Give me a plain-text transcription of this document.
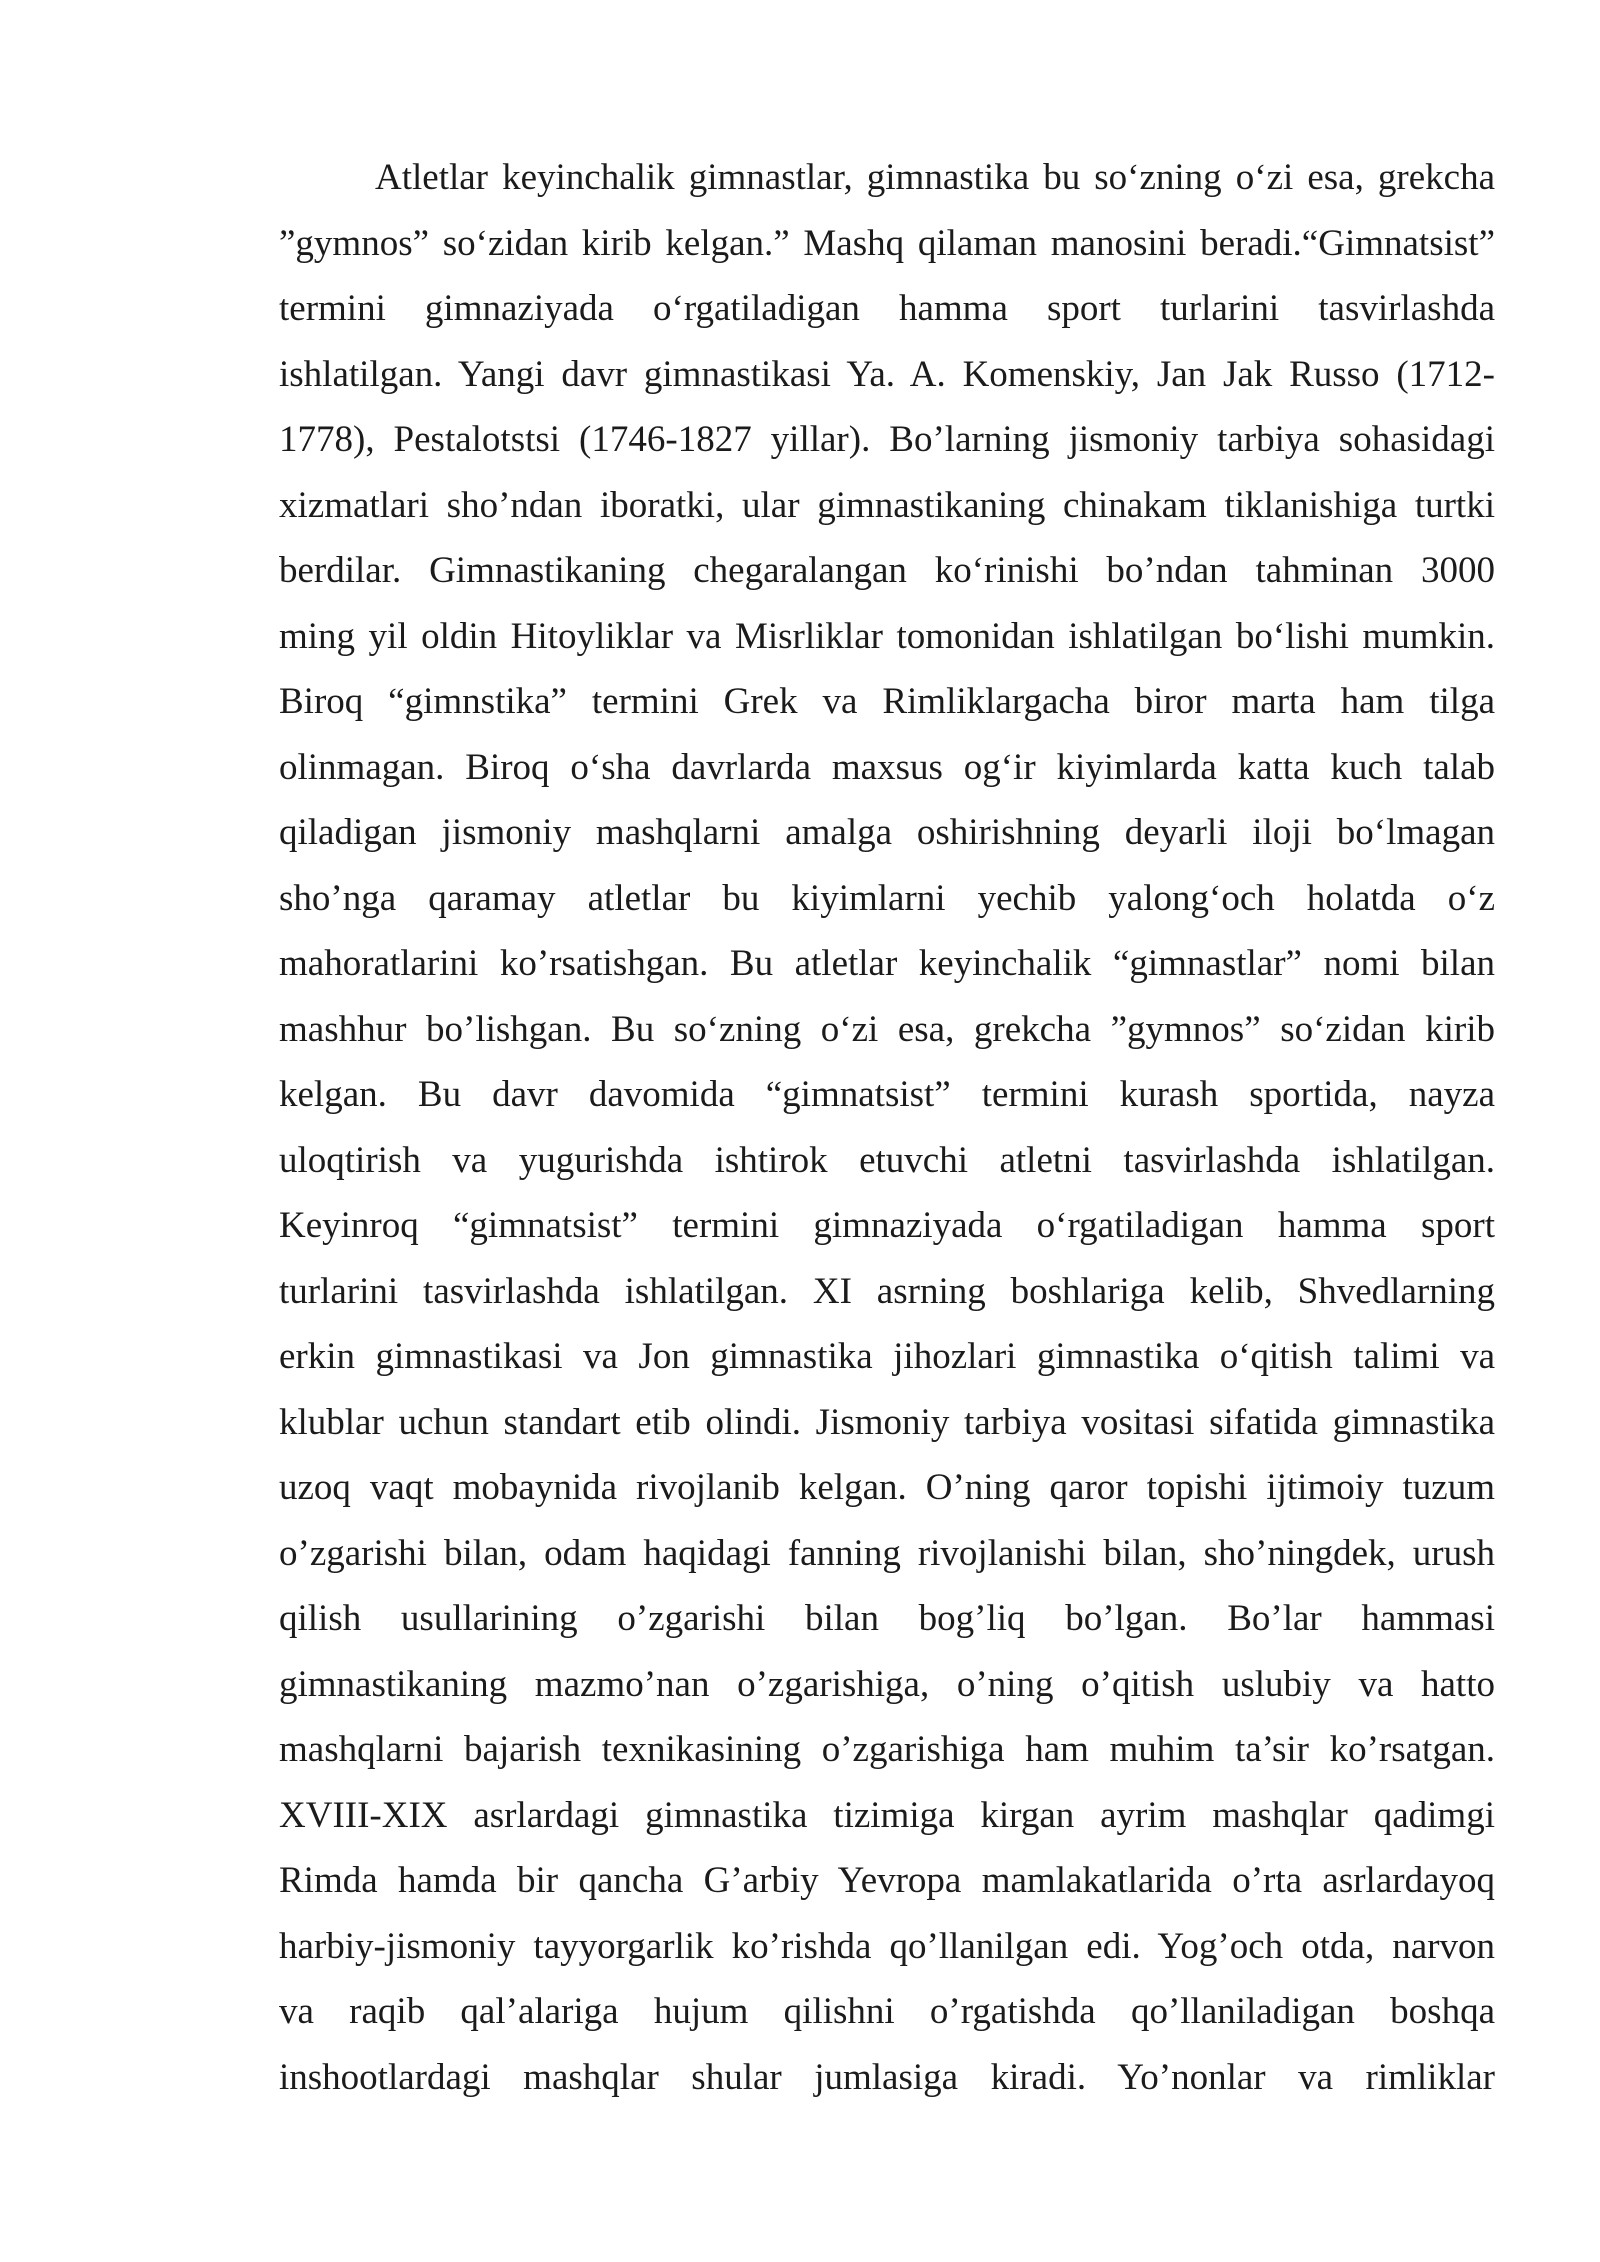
Atletlar keyinchalik gimnastlar, gimnastika bu so‘zning o‘zi esa, grekcha
”gymnos” so‘zidan kirib kelgan.” Mashq qilaman manosini beradi.“Gimnatsist”
termini gimnaziyada o‘rgatiladigan hamma sport turlarini tasvirlashda
ishlatilgan. Yangi davr gimnastikasi Ya. A. Komenskiy, Jan Jak Russo (1712-
1778), Pestalotstsi (1746-1827 yillar). Bo’larning jismoniy tarbiya sohasidagi
xizmatlari sho’ndan iboratki, ular gimnastikaning chinakam tiklanishiga turtki
berdilar. Gimnastikaning chegaralangan ko‘rinishi bo’ndan tahminan 3000
ming yil oldin Hitoyliklar va Misrliklar tomonidan ishlatilgan bo‘lishi mumkin.
Biroq “gimnstika” termini Grek va Rimliklargacha biror marta ham tilga
olinmagan. Biroq o‘sha davrlarda maxsus og‘ir kiyimlarda katta kuch talab
qiladigan jismoniy mashqlarni amalga oshirishning deyarli iloji bo‘lmagan
sho’nga qaramay atletlar bu kiyimlarni yechib yalong‘och holatda o‘z
mahoratlarini ko’rsatishgan. Bu atletlar keyinchalik “gimnastlar” nomi bilan
mashhur bo’lishgan. Bu so‘zning o‘zi esa, grekcha ”gymnos” so‘zidan kirib
kelgan. Bu davr davomida “gimnatsist” termini kurash sportida, nayza
uloqtirish va yugurishda ishtirok etuvchi atletni tasvirlashda ishlatilgan.
Keyinroq “gimnatsist” termini gimnaziyada o‘rgatiladigan hamma sport
turlarini tasvirlashda ishlatilgan. XI asrning boshlariga kelib, Shvedlarning
erkin gimnastikasi va Jon gimnastika jihozlari gimnastika o‘qitish talimi va
klublar uchun standart etib olindi. Jismoniy tarbiya vositasi sifatida gimnastika
uzoq vaqt mobaynida rivojlanib kelgan. O’ning qaror topishi ijtimoiy tuzum
o’zgarishi bilan, odam haqidagi fanning rivojlanishi bilan, sho’ningdek, urush
qilish usullarining o’zgarishi bilan bog’liq bo’lgan. Bo’lar hammasi
gimnastikaning mazmo’nan o’zgarishiga, o’ning o’qitish uslubiy va hatto
mashqlarni bajarish texnikasining o’zgarishiga ham muhim ta’sir ko’rsatgan.
XVIII-XIX asrlardagi gimnastika tizimiga kirgan ayrim mashqlar qadimgi
Rimda hamda bir qancha G’arbiy Yevropa mamlakatlarida o’rta asrlardayoq
harbiy-jismoniy tayyorgarlik ko’rishda qo’llanilgan edi. Yog’och otda, narvon
va raqib qal’alariga hujum qilishni o’rgatishda qo’llaniladigan boshqa
inshootlardagi mashqlar shular jumlasiga kiradi. Yo’nonlar va rimliklar
